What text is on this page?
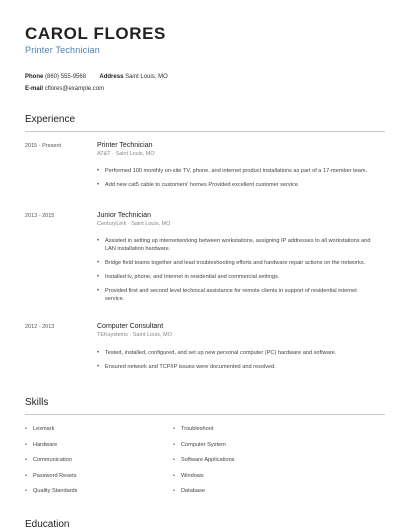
CAROL FLORES
Printer Technician
Phone (860) 555-9568 Address Saint Louis, MO
E-mail cflores@example.com
Experience
2015 - Present	Printer Technician
AT&T · Saint Louis, MO
• Performed 100 monthly on-site TV, phone, and internet product installations as part of a 17-member team.
• Add new cat5 cable to customers' homes Provided excellent customer service.
2013 - 2015	Junior Technician
CenturyLink · Saint Louis, MO
• Assisted in setting up internetworking between workstations, assigning IP addresses to all workstations and LAN installation hardware.
• Bridge field teams together and lead troubleshooting efforts and hardware repair actions on the networks.
• Installed tv, phone, and Internet in residential and commercial settings.
• Provided first and second level technical assistance for remote clients in support of residential internet service.
2012 - 2013	Computer Consultant
TEKsystems · Saint Louis, MO
• Tested, installed, configured, and set up new personal computer (PC) hardware and software.
• Ensured network and TCP/IP issues were documented and resolved.
Skills
• Lexmark
• Hardware
• Communication
• Password Resets
• Quality Standards
• Troubleshoot
• Computer System
• Software Applications
• Windows
• Database
Education
